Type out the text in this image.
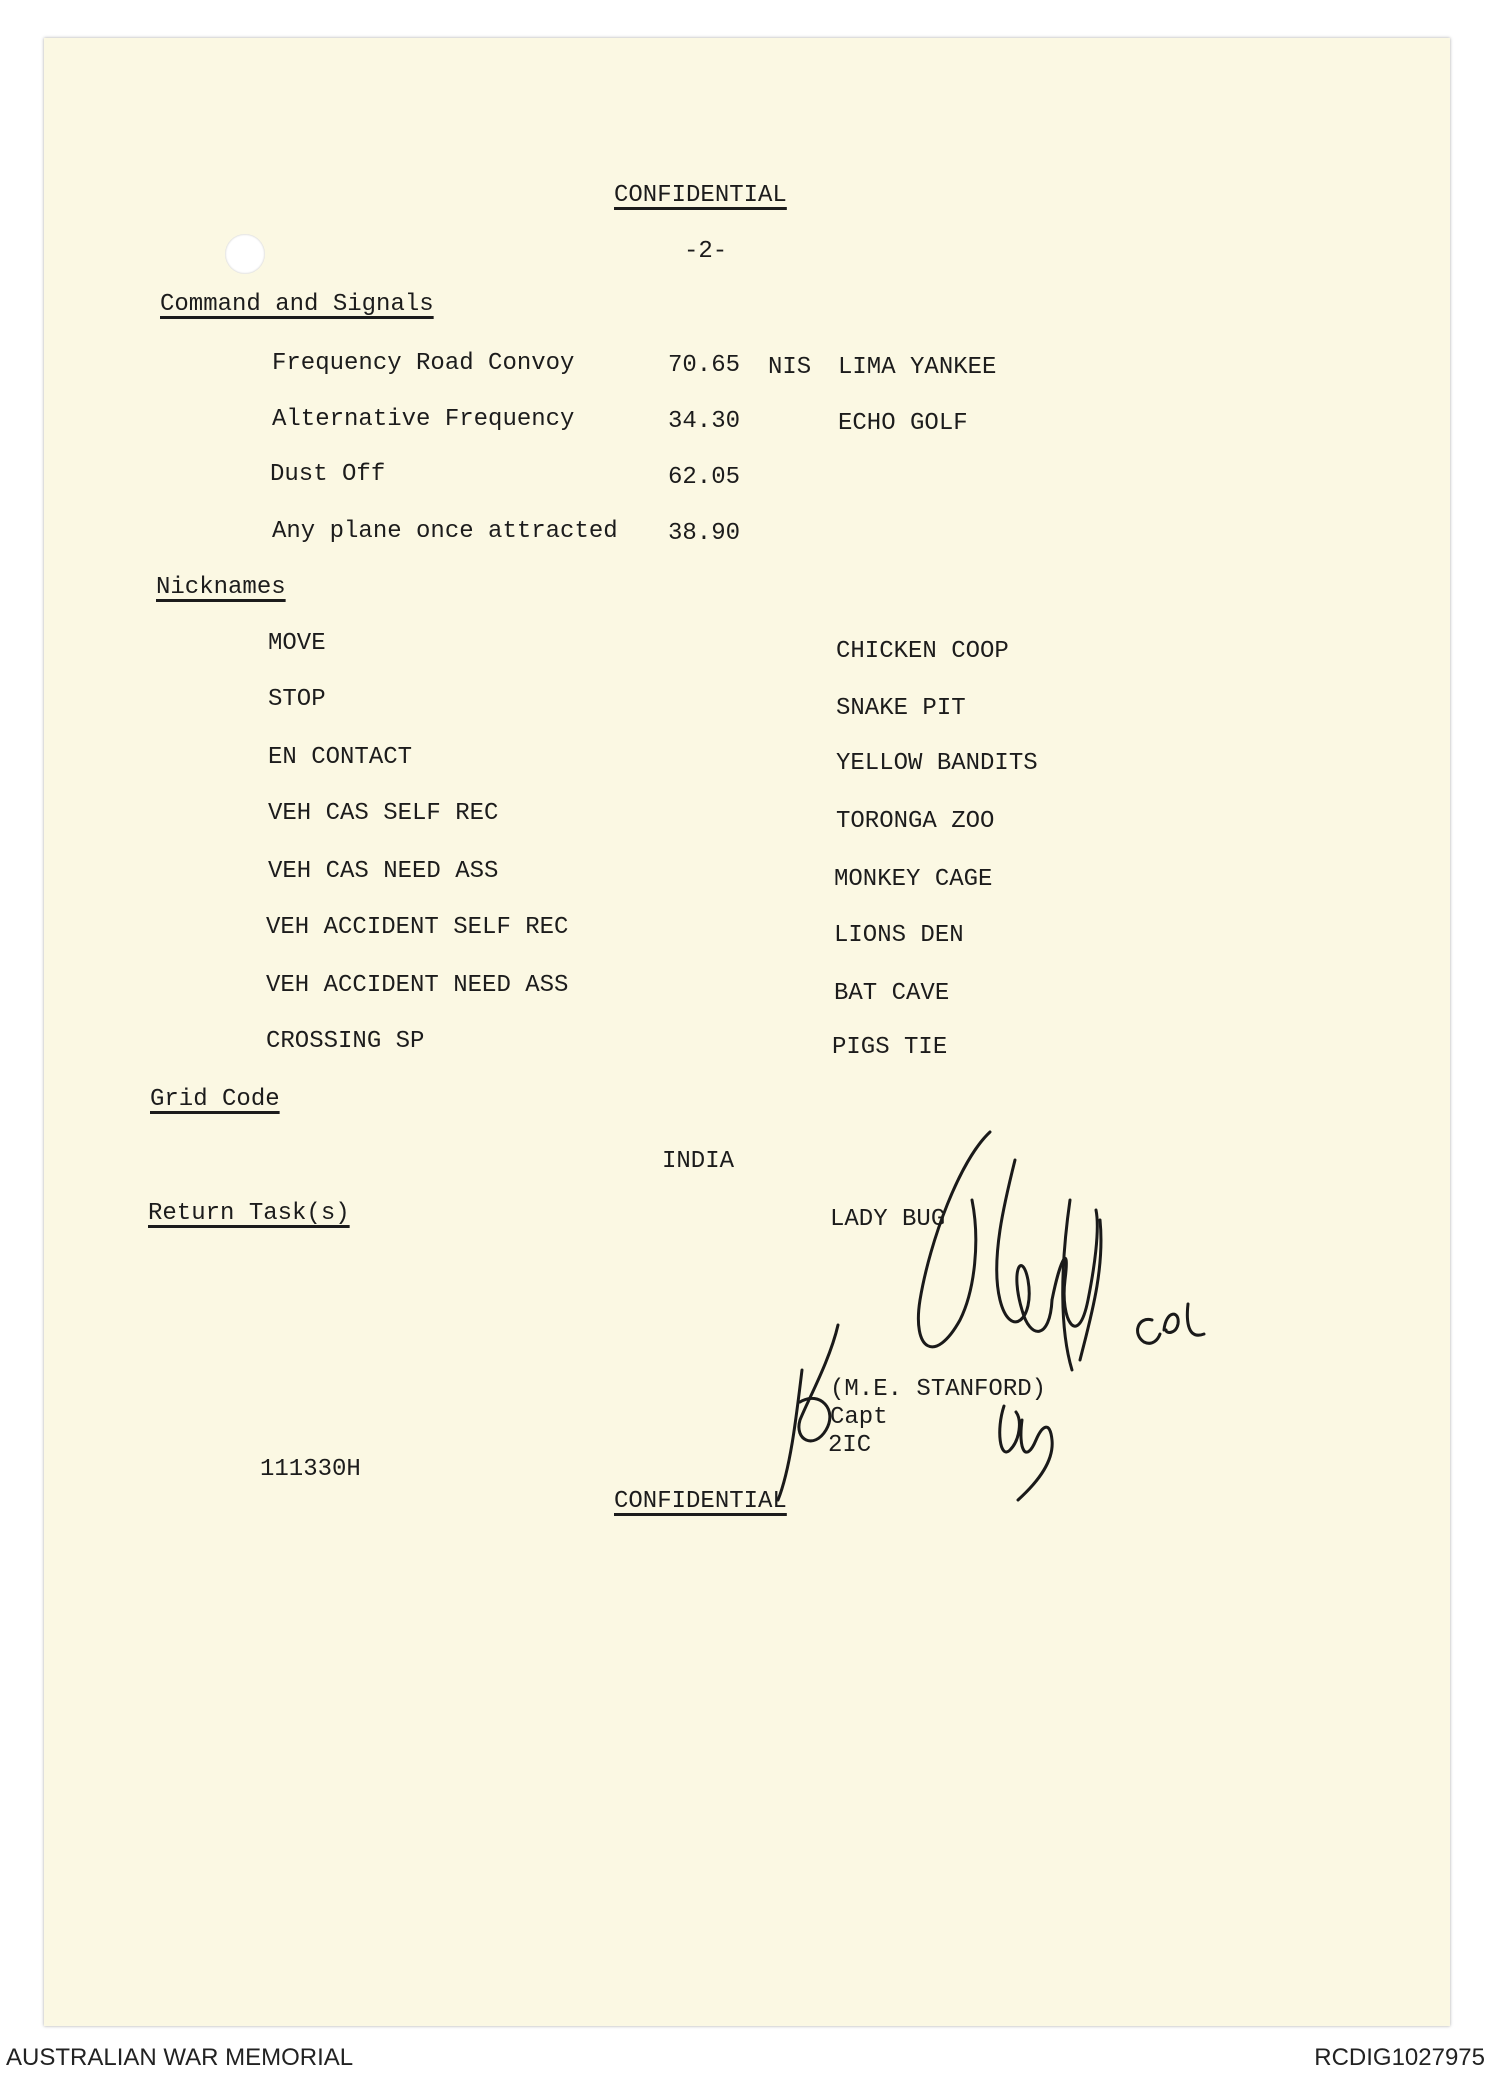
CONFIDENTIAL
-2-
Command and Signals
Frequency Road Convoy	70.65 NIS LIMA YANKEE
Alternative Frequency	34.30	ECHO GOLF
Dust Off	62.05
Any plane once attracted 38.90
Nicknames
MOVE	CHICKEN COOP
STOP	SNAKE PIT
EN CONTACT	YELLOW BANDITS
VEH CAS SELF REC	TORONGA ZOO
VEH CAS NEED ASS	MONKEY CAGE
VEH ACCIDENT SELF REC	LIONS DEN
VEH ACCIDENT NEED ASS	BAT CAVE
CROSSING SP	PIGS TIE
Grid Code
INDIA
Return Task(s)	LADY BUG
(M.E. STANFORD)
Capt
2IC
111330H
CONFIDENTIAL
AUSTRALIAN WAR MEMORIAL	RCDIG1027975
